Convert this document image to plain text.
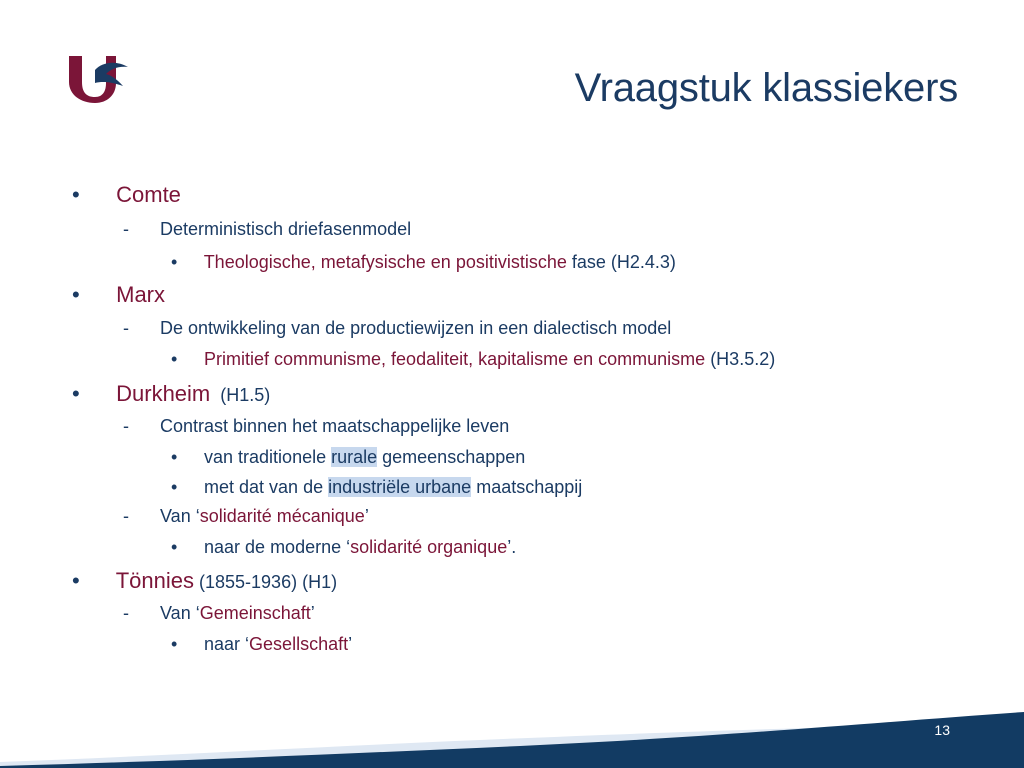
Vraagstuk klassiekers
• Comte
- Deterministisch driefasenmodel
• Theologische, metafysische en positivistische fase (H2.4.3)
• Marx
- De ontwikkeling van de productiewijzen in een dialectisch model
• Primitief communisme, feodaliteit, kapitalisme en communisme (H3.5.2)
• Durkheim  (H1.5)
- Contrast binnen het maatschappelijke leven
• van traditionele rurale gemeenschappen
• met dat van de industriële urbane maatschappij
- Van ‘solidarité mécanique’
• naar de moderne ‘solidarité organique’.
• Tönnies (1855-1936) (H1)
- Van ‘Gemeinschaft’
• naar ‘Gesellschaft’
13
